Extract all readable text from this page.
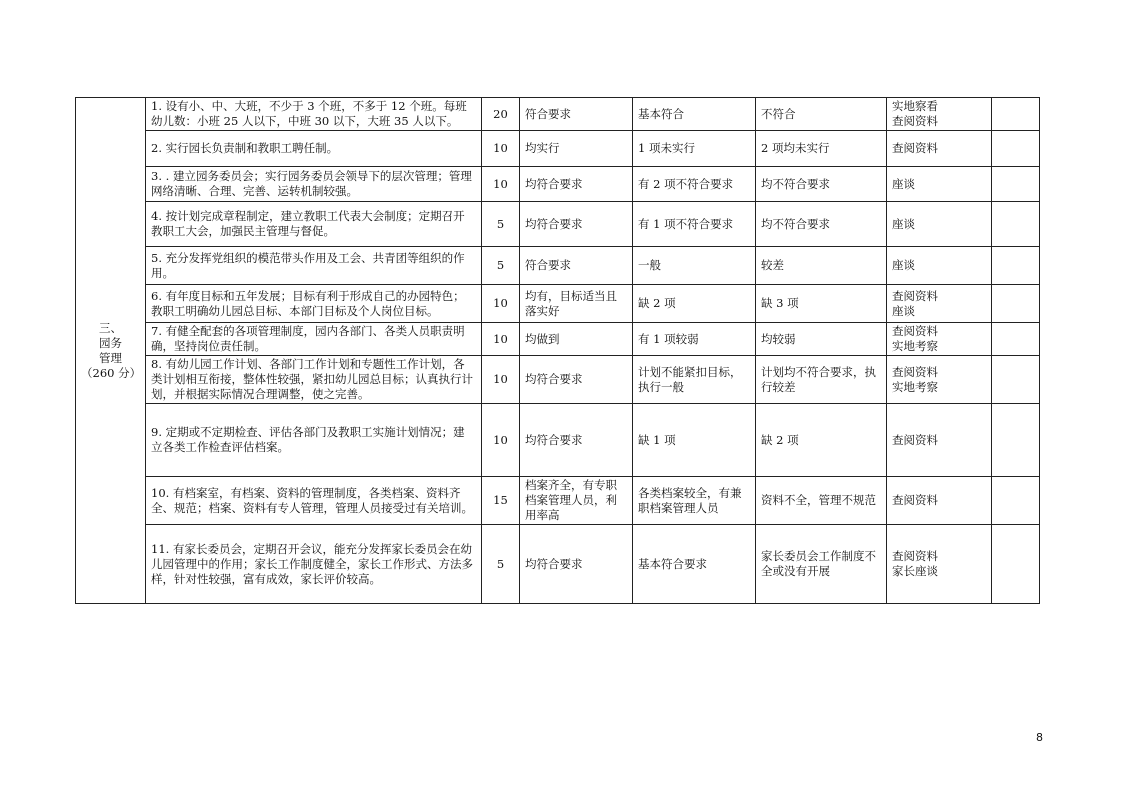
三、
园务
管理
（260 分）	1. 设有小、中、大班，不少于 3 个班，不多于 12 个班。每班幼儿数：小班 25 人以下，中班 30 以下，大班 35 人以下。	20	符合要求	基本符合	不符合	实地察看
查阅资料	
	2. 实行园长负责制和教职工聘任制。	10	均实行	1 项未实行	2 项均未实行	查阅资料	
	3. . 建立园务委员会；实行园务委员会领导下的层次管理；管理网络清晰、合理、完善、运转机制较强。	10	均符合要求	有 2 项不符合要求	均不符合要求	座谈	
	4. 按计划完成章程制定，建立教职工代表大会制度；定期召开教职工大会，加强民主管理与督促。	5	均符合要求	有 1 项不符合要求	均不符合要求	座谈	
	5. 充分发挥党组织的模范带头作用及工会、共青团等组织的作用。	5	符合要求	一般	较差	座谈	
	6. 有年度目标和五年发展；目标有利于形成自己的办园特色；教职工明确幼儿园总目标、本部门目标及个人岗位目标。	10	均有，目标适当且落实好	缺 2 项	缺 3 项	查阅资料
座谈	
	7. 有健全配套的各项管理制度，园内各部门、各类人员职责明确，坚持岗位责任制。	10	均做到	有 1 项较弱	均较弱	查阅资料
实地考察	
	8. 有幼儿园工作计划、各部门工作计划和专题性工作计划，各类计划相互衔接，整体性较强，紧扣幼儿园总目标；认真执行计划，并根据实际情况合理调整，使之完善。	10	均符合要求	计划不能紧扣目标，执行一般	计划均不符合要求，执行较差	查阅资料
实地考察	
	9. 定期或不定期检查、评估各部门及教职工实施计划情况；建立各类工作检查评估档案。	10	均符合要求	缺 1 项	缺 2 项	查阅资料	
	10. 有档案室，有档案、资料的管理制度，各类档案、资料齐全、规范；档案、资料有专人管理，管理人员接受过有关培训。	15	档案齐全，有专职档案管理人员，利用率高	各类档案较全，有兼职档案管理人员	资料不全，管理不规范	查阅资料	
	11. 有家长委员会，定期召开会议，能充分发挥家长委员会在幼儿园管理中的作用；家长工作制度健全，家长工作形式、方法多样，针对性较强，富有成效，家长评价较高。	5	均符合要求	基本符合要求	家长委员会工作制度不全或没有开展	查阅资料
家长座谈	
8
